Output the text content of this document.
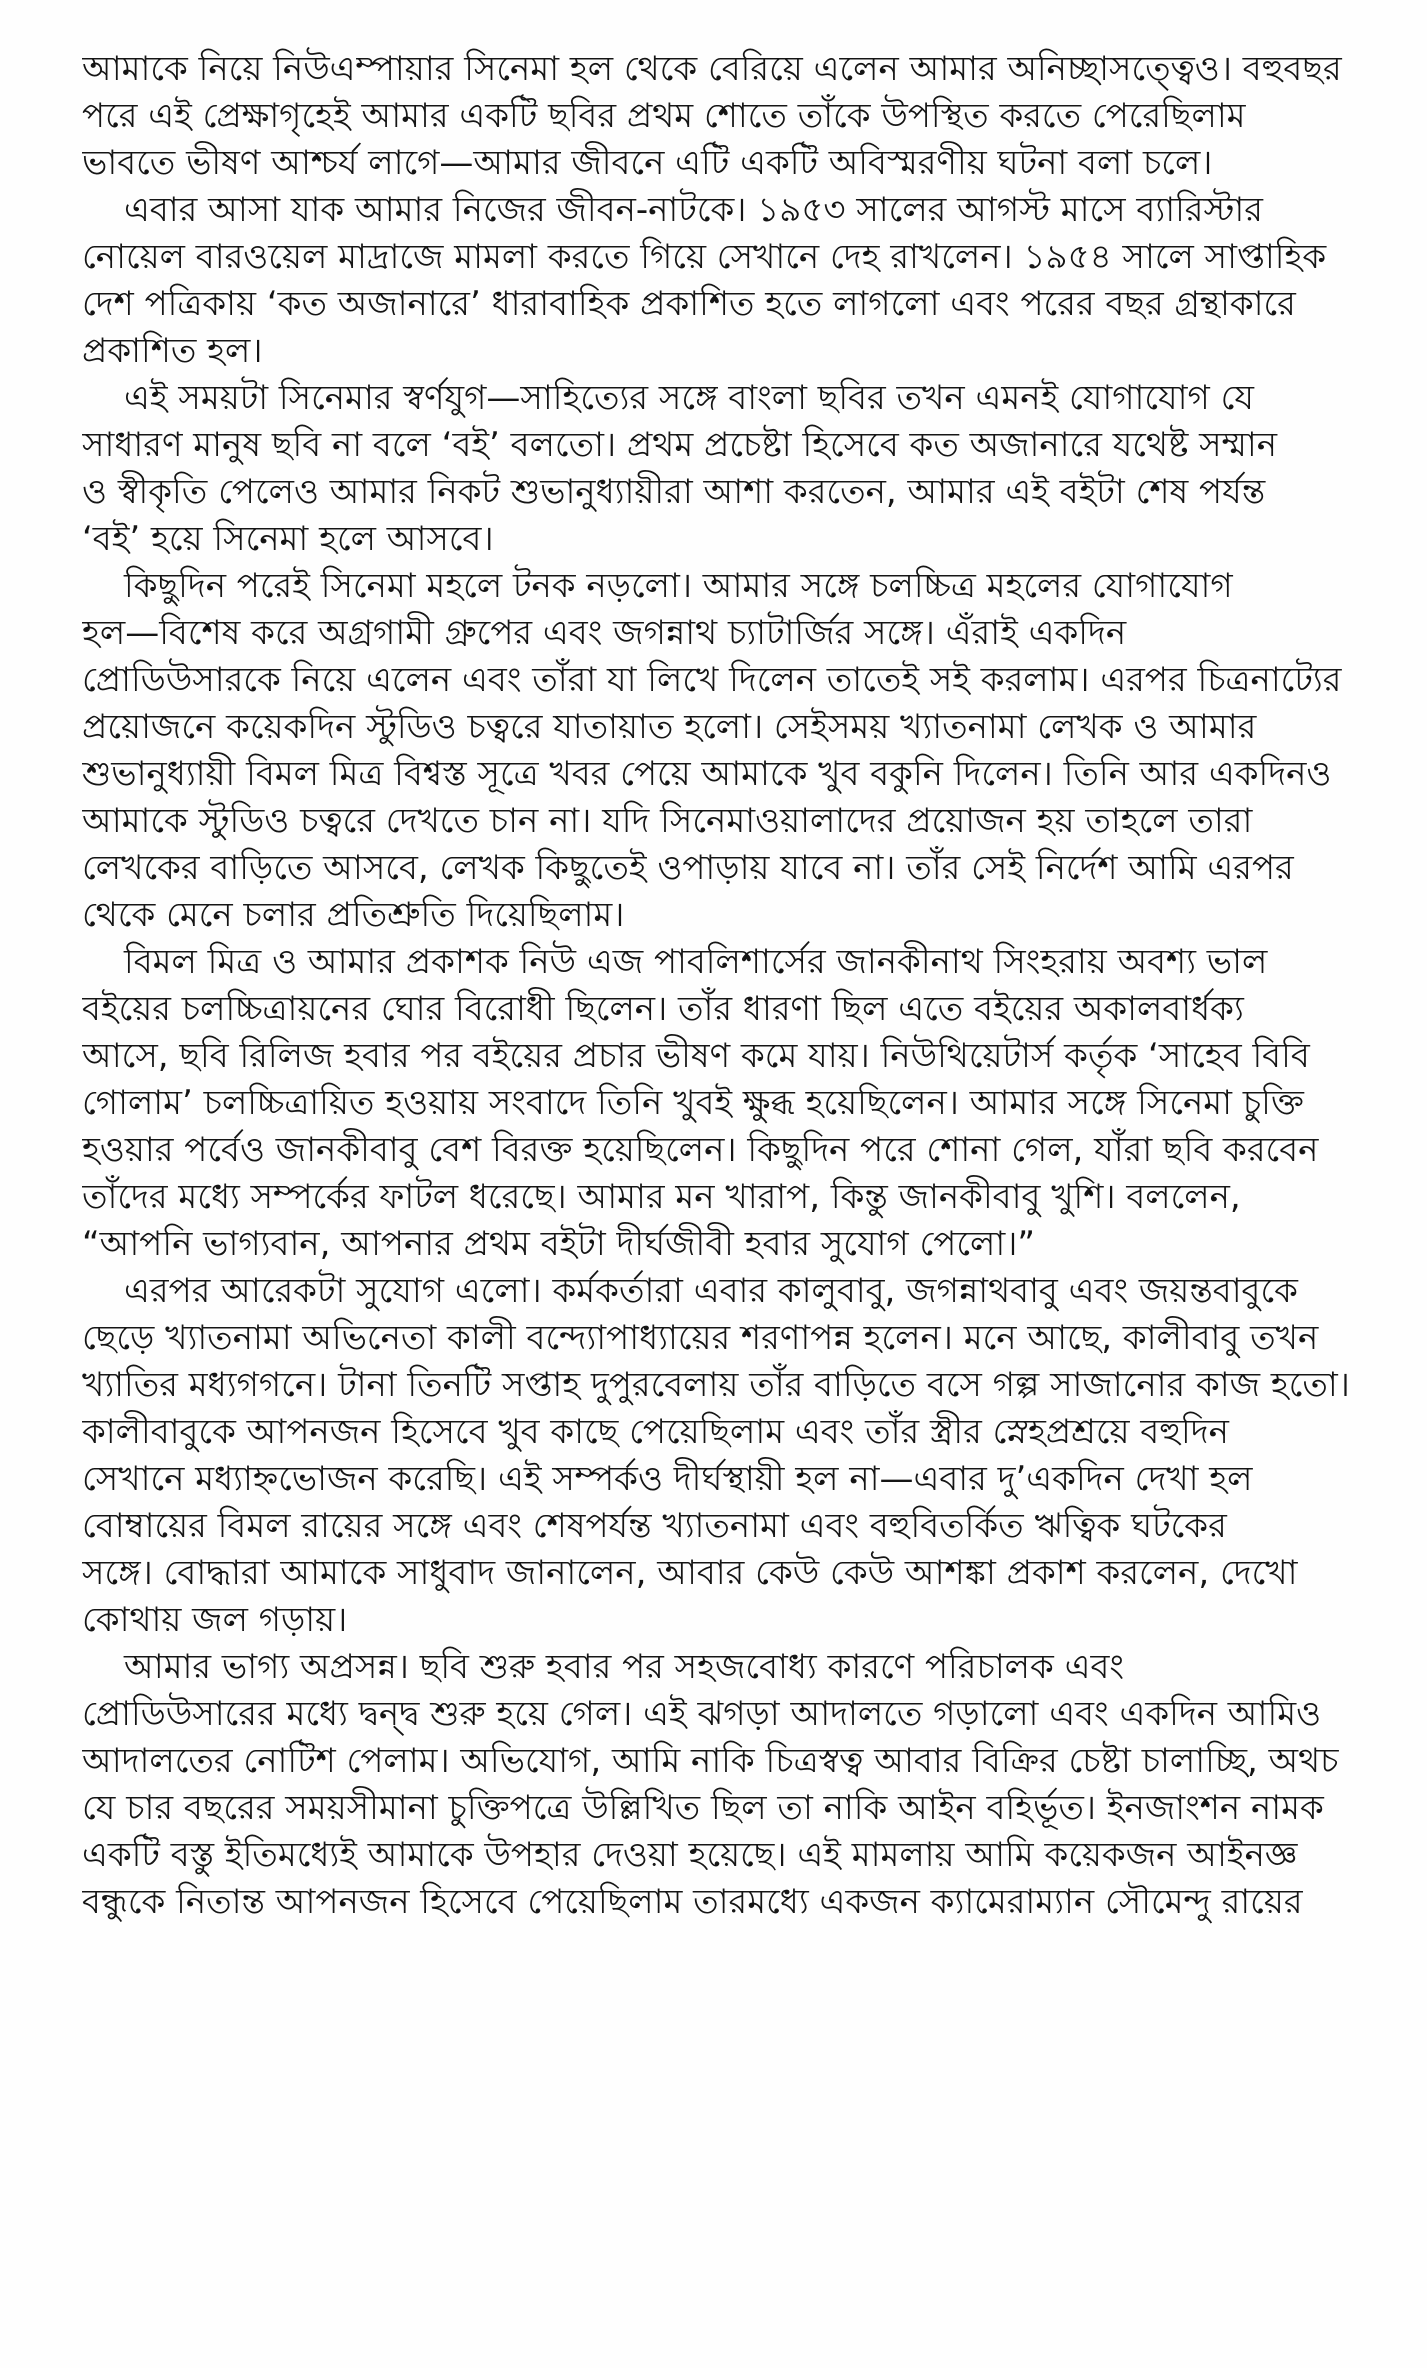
আমাকে নিয়ে নিউএম্পায়ার সিনেমা হল থেকে বেরিয়ে এলেন আমার অনিচ্ছাসত্ত্বেও। বহুবছর
পরে এই প্রেক্ষাগৃহেই আমার একটি ছবির প্রথম শোতে তাঁকে উপস্থিত করতে পেরেছিলাম
ভাবতে ভীষণ আশ্চর্য লাগে—আমার জীবনে এটি একটি অবিস্মরণীয় ঘটনা বলা চলে।
এবার আসা যাক আমার নিজের জীবন-নাটকে। ১৯৫৩ সালের আগস্ট মাসে ব্যারিস্টার
নোয়েল বারওয়েল মাদ্রাজে মামলা করতে গিয়ে সেখানে দেহ রাখলেন। ১৯৫৪ সালে সাপ্তাহিক
দেশ পত্রিকায় ‘কত অজানারে’ ধারাবাহিক প্রকাশিত হতে লাগলো এবং পরের বছর গ্রন্থাকারে
প্রকাশিত হল।
এই সময়টা সিনেমার স্বর্ণযুগ—সাহিত্যের সঙ্গে বাংলা ছবির তখন এমনই যোগাযোগ যে
সাধারণ মানুষ ছবি না বলে ‘বই’ বলতো। প্রথম প্রচেষ্টা হিসেবে কত অজানারে যথেষ্ট সম্মান
ও স্বীকৃতি পেলেও আমার নিকট শুভানুধ্যায়ীরা আশা করতেন, আমার এই বইটা শেষ পর্যন্ত
‘বই’ হয়ে সিনেমা হলে আসবে।
কিছুদিন পরেই সিনেমা মহলে টনক নড়লো। আমার সঙ্গে চলচ্চিত্র মহলের যোগাযোগ
হল—বিশেষ করে অগ্রগামী গ্রুপের এবং জগন্নাথ চ্যাটার্জির সঙ্গে। এঁরাই একদিন
প্রোডিউসারকে নিয়ে এলেন এবং তাঁরা যা লিখে দিলেন তাতেই সই করলাম। এরপর চিত্রনাট্যের
প্রয়োজনে কয়েকদিন স্টুডিও চত্বরে যাতায়াত হলো। সেইসময় খ্যাতনামা লেখক ও আমার
শুভানুধ্যায়ী বিমল মিত্র বিশ্বস্ত সূত্রে খবর পেয়ে আমাকে খুব বকুনি দিলেন। তিনি আর একদিনও
আমাকে স্টুডিও চত্বরে দেখতে চান না। যদি সিনেমাওয়ালাদের প্রয়োজন হয় তাহলে তারা
লেখকের বাড়িতে আসবে, লেখক কিছুতেই ওপাড়ায় যাবে না। তাঁর সেই নির্দেশ আমি এরপর
থেকে মেনে চলার প্রতিশ্রুতি দিয়েছিলাম।
বিমল মিত্র ও আমার প্রকাশক নিউ এজ পাবলিশার্সের জানকীনাথ সিংহরায় অবশ্য ভাল
বইয়ের চলচ্চিত্রায়নের ঘোর বিরোধী ছিলেন। তাঁর ধারণা ছিল এতে বইয়ের অকালবার্ধক্য
আসে, ছবি রিলিজ হবার পর বইয়ের প্রচার ভীষণ কমে যায়। নিউথিয়েটার্স কর্তৃক ‘সাহেব বিবি
গোলাম’ চলচ্চিত্রায়িত হওয়ায় সংবাদে তিনি খুবই ক্ষুব্ধ হয়েছিলেন। আমার সঙ্গে সিনেমা চুক্তি
হওয়ার পর্বেও জানকীবাবু বেশ বিরক্ত হয়েছিলেন। কিছুদিন পরে শোনা গেল, যাঁরা ছবি করবেন
তাঁদের মধ্যে সম্পর্কের ফাটল ধরেছে। আমার মন খারাপ, কিন্তু জানকীবাবু খুশি। বললেন,
“আপনি ভাগ্যবান, আপনার প্রথম বইটা দীর্ঘজীবী হবার সুযোগ পেলো।”
এরপর আরেকটা সুযোগ এলো। কর্মকর্তারা এবার কালুবাবু, জগন্নাথবাবু এবং জয়ন্তবাবুকে
ছেড়ে খ্যাতনামা অভিনেতা কালী বন্দ্যোপাধ্যায়ের শরণাপন্ন হলেন। মনে আছে, কালীবাবু তখন
খ্যাতির মধ্যগগনে। টানা তিনটি সপ্তাহ দুপুরবেলায় তাঁর বাড়িতে বসে গল্প সাজানোর কাজ হতো।
কালীবাবুকে আপনজন হিসেবে খুব কাছে পেয়েছিলাম এবং তাঁর স্ত্রীর স্নেহপ্রশ্রয়ে বহুদিন
সেখানে মধ্যাহ্নভোজন করেছি। এই সম্পর্কও দীর্ঘস্থায়ী হল না—এবার দু’একদিন দেখা হল
বোম্বায়ের বিমল রায়ের সঙ্গে এবং শেষপর্যন্ত খ্যাতনামা এবং বহুবিতর্কিত ঋত্বিক ঘটকের
সঙ্গে। বোদ্ধারা আমাকে সাধুবাদ জানালেন, আবার কেউ কেউ আশঙ্কা প্রকাশ করলেন, দেখো
কোথায় জল গড়ায়।
আমার ভাগ্য অপ্রসন্ন। ছবি শুরু হবার পর সহজবোধ্য কারণে পরিচালক এবং
প্রোডিউসারের মধ্যে দ্বন্দ্ব শুরু হয়ে গেল। এই ঝগড়া আদালতে গড়ালো এবং একদিন আমিও
আদালতের নোটিশ পেলাম। অভিযোগ, আমি নাকি চিত্রস্বত্ব আবার বিক্রির চেষ্টা চালাচ্ছি, অথচ
যে চার বছরের সময়সীমানা চুক্তিপত্রে উল্লিখিত ছিল তা নাকি আইন বহির্ভূত। ইনজাংশন নামক
একটি বস্তু ইতিমধ্যেই আমাকে উপহার দেওয়া হয়েছে। এই মামলায় আমি কয়েকজন আইনজ্ঞ
বন্ধুকে নিতান্ত আপনজন হিসেবে পেয়েছিলাম তারমধ্যে একজন ক্যামেরাম্যান সৌমেন্দু রায়ের
